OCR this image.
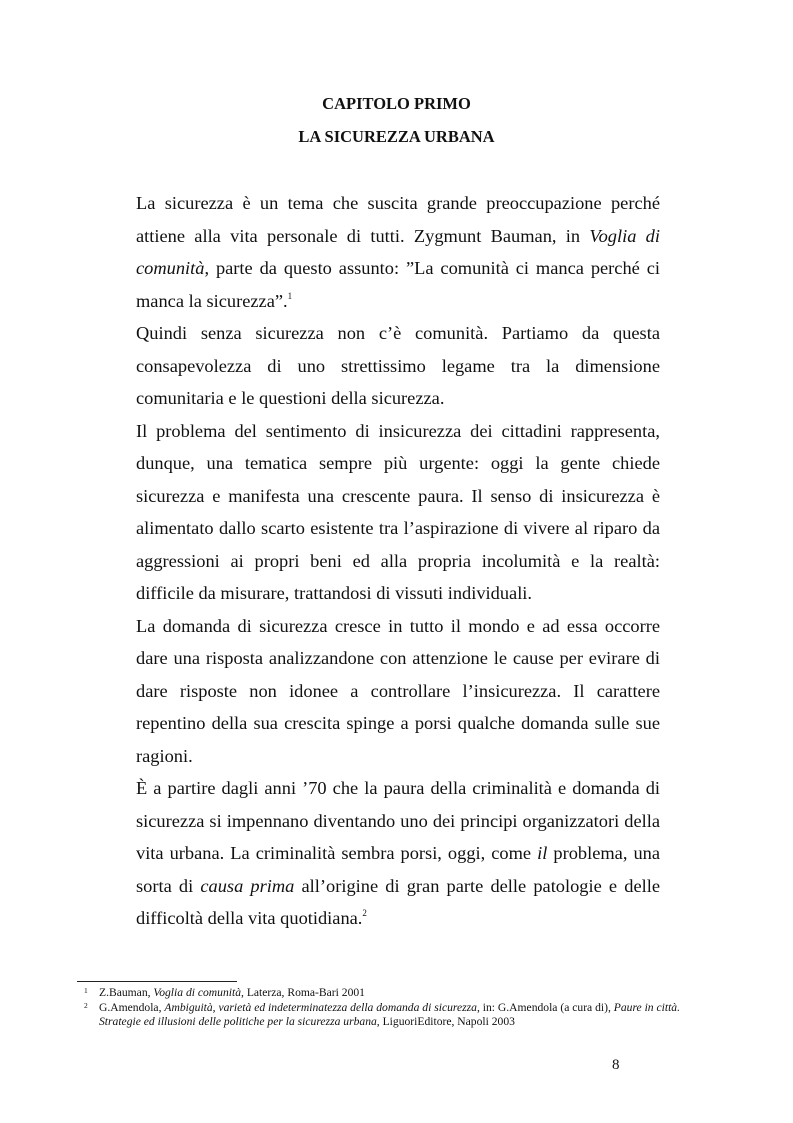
CAPITOLO PRIMO
LA SICUREZZA URBANA

La sicurezza è un tema che suscita grande preoccupazione perché attiene alla vita personale di tutti. Zygmunt Bauman, in Voglia di comunità, parte da questo assunto: ”La comunità ci manca perché ci manca la sicurezza”.$^1$

Quindi senza sicurezza non c’è comunità. Partiamo da questa consapevolezza di uno strettissimo legame tra la dimensione comunitaria e le questioni della sicurezza.

Il problema del sentimento di insicurezza dei cittadini rappresenta, dunque, una tematica sempre più urgente: oggi la gente chiede sicurezza e manifesta una crescente paura. Il senso di insicurezza è alimentato dallo scarto esistente tra l’aspirazione di vivere al riparo da aggressioni ai propri beni ed alla propria incolumità e la realtà: difficile da misurare, trattandosi di vissuti individuali.

La domanda di sicurezza cresce in tutto il mondo e ad essa occorre dare una risposta analizzandone con attenzione le cause per evirare di dare risposte non idonee a controllare l’insicurezza. Il carattere repentino della sua crescita spinge a porsi qualche domanda sulle sue ragioni.

È a partire dagli anni ’70 che la paura della criminalità e domanda di sicurezza si impennano diventando uno dei principi organizzatori della vita urbana. La criminalità sembra porsi, oggi, come il problema, una sorta di causa prima all’origine di gran parte delle patologie e delle difficoltà della vita quotidiana.$^2$

1 Z.Bauman, Voglia di comunità, Laterza, Roma-Bari 2001

2 G.Amendola, Ambiguità, varietà ed indeterminatezza della domanda di sicurezza, in: G.Amendola (a cura di), Paure in città. Strategie ed illusioni delle politiche per la sicurezza urbana, LiguoriEditore, Napoli 2003

8
